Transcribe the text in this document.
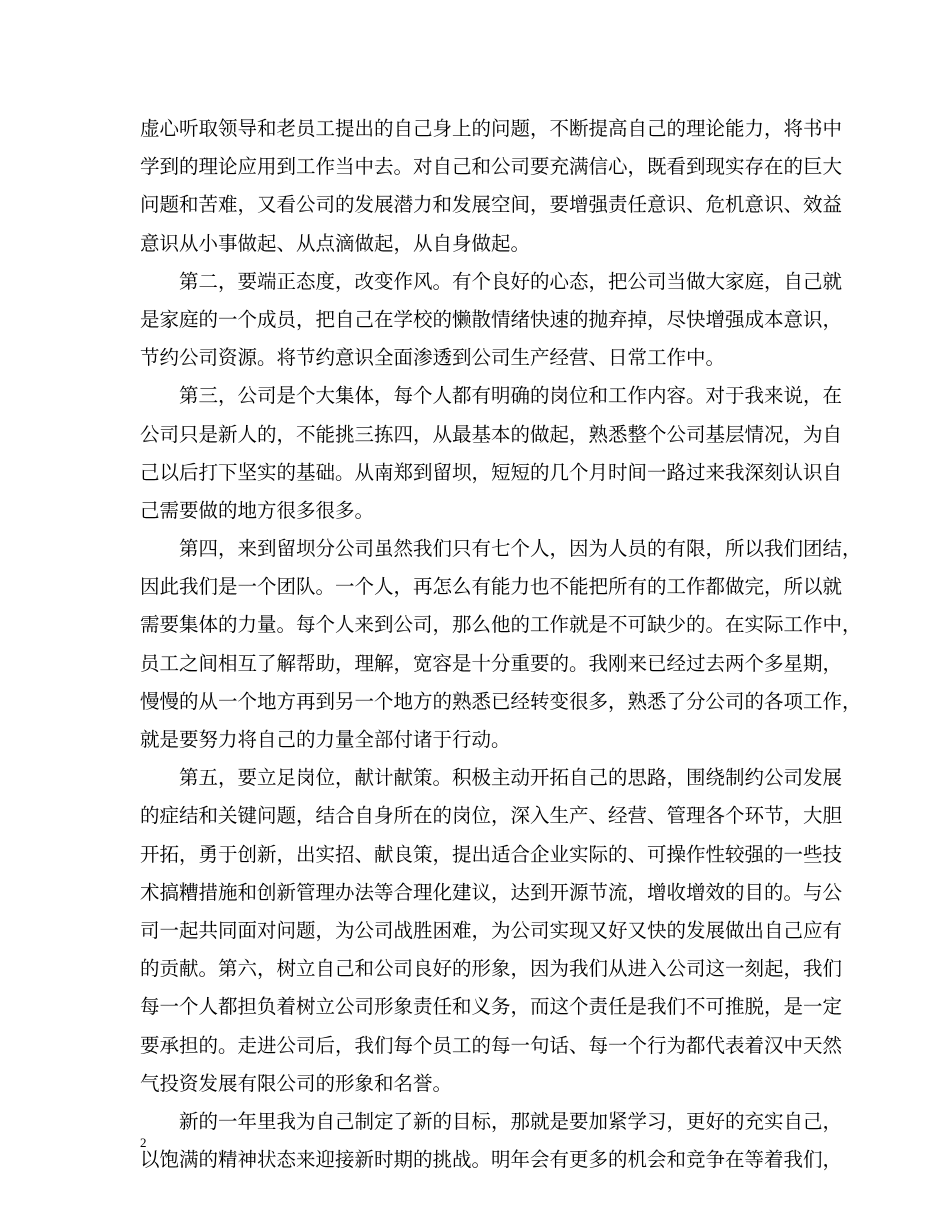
虚心听取领导和老员工提出的自己身上的问题，不断提高自己的理论能力，将书中
学到的理论应用到工作当中去。对自己和公司要充满信心，既看到现实存在的巨大
问题和苦难，又看公司的发展潜力和发展空间，要增强责任意识、危机意识、效益
意识从小事做起、从点滴做起，从自身做起。
第二，要端正态度，改变作风。有个良好的心态，把公司当做大家庭，自己就
是家庭的一个成员，把自己在学校的懒散情绪快速的抛弃掉，尽快增强成本意识，
节约公司资源。将节约意识全面渗透到公司生产经营、日常工作中。
第三，公司是个大集体，每个人都有明确的岗位和工作内容。对于我来说，在
公司只是新人的，不能挑三拣四，从最基本的做起，熟悉整个公司基层情况，为自
己以后打下坚实的基础。从南郑到留坝，短短的几个月时间一路过来我深刻认识自
己需要做的地方很多很多。
第四，来到留坝分公司虽然我们只有七个人，因为人员的有限，所以我们团结，
因此我们是一个团队。一个人，再怎么有能力也不能把所有的工作都做完，所以就
需要集体的力量。每个人来到公司，那么他的工作就是不可缺少的。在实际工作中，
员工之间相互了解帮助，理解，宽容是十分重要的。我刚来已经过去两个多星期，
慢慢的从一个地方再到另一个地方的熟悉已经转变很多，熟悉了分公司的各项工作，
就是要努力将自己的力量全部付诸于行动。
第五，要立足岗位，献计献策。积极主动开拓自己的思路，围绕制约公司发展
的症结和关键问题，结合自身所在的岗位，深入生产、经营、管理各个环节，大胆
开拓，勇于创新，出实招、献良策，提出适合企业实际的、可操作性较强的一些技
术搞糟措施和创新管理办法等合理化建议，达到开源节流，增收增效的目的。与公
司一起共同面对问题，为公司战胜困难，为公司实现又好又快的发展做出自己应有
的贡献。第六，树立自己和公司良好的形象，因为我们从进入公司这一刻起，我们
每一个人都担负着树立公司形象责任和义务，而这个责任是我们不可推脱，是一定
要承担的。走进公司后，我们每个员工的每一句话、每一个行为都代表着汉中天然
气投资发展有限公司的形象和名誉。
新的一年里我为自己制定了新的目标，那就是要加紧学习，更好的充实自己，
以饱满的精神状态来迎接新时期的挑战。明年会有更多的机会和竞争在等着我们，
2
